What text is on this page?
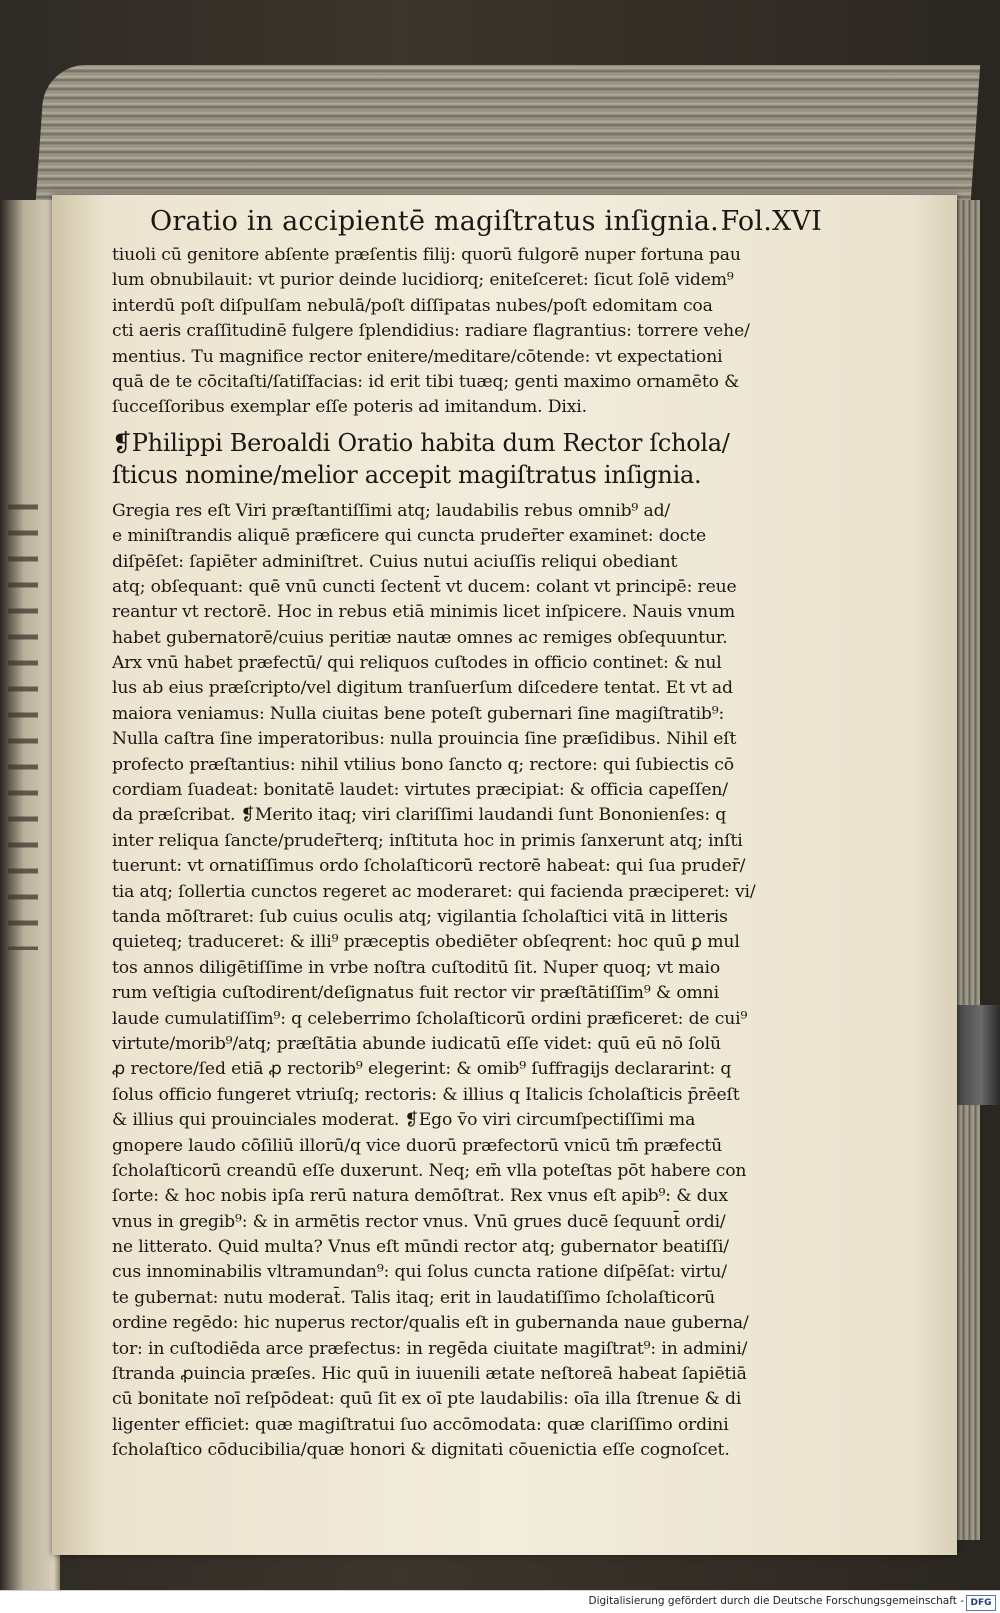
Oratio in accipientē magiſtratus inſignia. Fol.XVI
tiuoli cū genitore abſente præſentis filij: quorū fulgorē nuper fortuna pau
lum obnubilauit: vt purior deinde lucidiorq; eniteſceret: ſicut ſolē videm⁹
interdū poſt diſpulſam nebulā/poſt diſſipatas nubes/poſt edomitam coa
cti aeris craſſitudinē fulgere ſplendidius: radiare flagrantius: torrere vehe/
mentius. Tu magnifice rector enitere/meditare/cōtende: vt expectationi
quā de te cōcitaſti/ſatiſfacias: id erit tibi tuæq; genti maximo ornamēto &
ſucceſſoribus exemplar eſſe poteris ad imitandum. Dixi.
❡Philippi Beroaldi Oratio habita dum Rector ſchola/
ſticus nomine/melior accepit magiſtratus inſignia.
Gregia res eſt Viri præſtantiſſimi atq; laudabilis rebus omnib⁹ ad/
e miniſtrandis aliquē præficere qui cuncta pruder̄ter examinet: docte
diſpēſet: ſapiēter adminiſtret. Cuius nutui aciuſſis reliqui obediant
atq; obſequant: quē vnū cuncti ſectent̄ vt ducem: colant vt principē: reue
reantur vt rectorē. Hoc in rebus etiā minimis licet inſpicere. Nauis vnum
habet gubernatorē/cuius peritiæ nautæ omnes ac remiges obſequuntur.
Arx vnū habet præfectū/ qui reliquos cuſtodes in officio continet: & nul
lus ab eius præſcripto/vel digitum tranſuerſum diſcedere tentat. Et vt ad
maiora veniamus: Nulla ciuitas bene poteſt gubernari ſine magiſtratib⁹:
Nulla caſtra ſine imperatoribus: nulla prouincia ſine præſidibus. Nihil eſt
profecto præſtantius: nihil vtilius bono ſancto q; rectore: qui ſubiectis cō
cordiam ſuadeat: bonitatē laudet: virtutes præcipiat: & officia capeſſen/
da præſcribat. ❡Merito itaq; viri clariſſimi laudandi ſunt Bononienſes: q
inter reliqua ſancte/pruder̄terq; inſtituta hoc in primis ſanxerunt atq; inſti
tuerunt: vt ornatiſſimus ordo ſcholaſticorū rectorē habeat: qui ſua pruder̄/
tia atq; ſollertia cunctos regeret ac moderaret: qui facienda præciperet: vi/
tanda mōſtraret: ſub cuius oculis atq; vigilantia ſcholaſtici vitā in litteris
quieteq; traduceret: & illi⁹ præceptis obediēter obſeqrent: hoc quū ꝑ mul
tos annos diligētiſſime in vrbe noſtra cuſtoditū ſit. Nuper quoq; vt maio
rum veſtigia cuſtodirent/deſignatus fuit rector vir præſtātiſſim⁹ & omni
laude cumulatiſſim⁹: q celeberrimo ſcholaſticorū ordini præficeret: de cui⁹
virtute/morib⁹/atq; præſtātia abunde iudicatū eſſe videt: quū eū nō ſolū
ꝓ rectore/ſed etiā ꝓ rectorib⁹ elegerint: & omib⁹ ſuffragijs declararint: q
ſolus officio fungeret vtriuſq; rectoris: & illius q Italicis ſcholaſticis p̄rēeſt
& illius qui prouinciales moderat. ❡Ego v̄o viri circumſpectiſſimi ma
gnopere laudo cōſiliū illorū/q vice duorū præfectorū vnicū tm̄ præfectū
ſcholaſticorū creandū eſſe duxerunt. Neq; em̄ vlla poteſtas pōt habere con
ſorte: & hoc nobis ipſa rerū natura demōſtrat. Rex vnus eſt apib⁹: & dux
vnus in gregib⁹: & in armētis rector vnus. Vnū grues ducē ſequunt̄ ordi/
ne litterato. Quid multa? Vnus eſt mūndi rector atq; gubernator beatiſſi/
cus innominabilis vltramundan⁹: qui ſolus cuncta ratione diſpēſat: virtu/
te gubernat: nutu moderat̄. Talis itaq; erit in laudatiſſimo ſcholaſticorū
ordine regēdo: hic nuperus rector/qualis eſt in gubernanda naue guberna/
tor: in cuſtodiēda arce præfectus: in regēda ciuitate magiſtrat⁹: in admini/
ſtranda ꝓuincia præſes. Hic quū in iuuenili ætate neſtoreā habeat ſapiētiā
cū bonitate noī reſpōdeat: quū ſit ex oī pte laudabilis: oīa illa ſtrenue & di
ligenter efficiet: quæ magiſtratui ſuo accōmodata: quæ clariſſimo ordini
ſcholaſtico cōducibilia/quæ honori & dignitati cōuenictia eſſe cognoſcet.
Digitalisierung gefördert durch die Deutsche Forschungsgemeinschaft - DFG
